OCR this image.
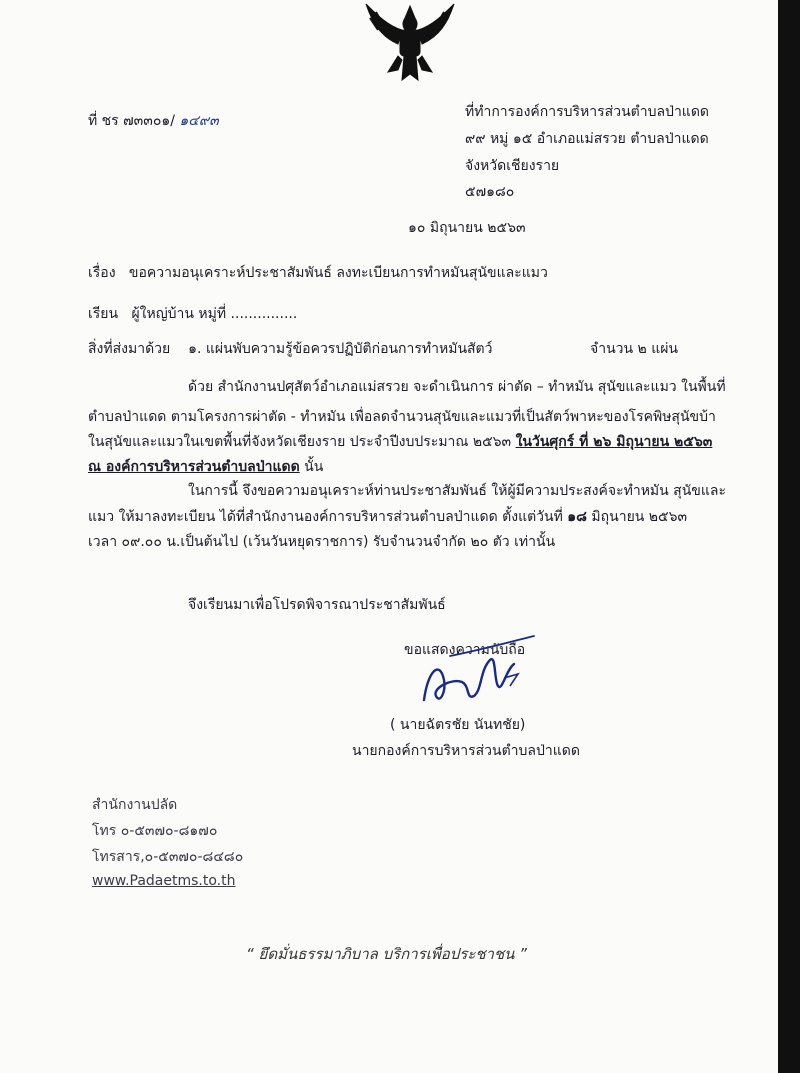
ที่ ชร ๗๓๓๐๑/ ๑๔๙๓
ที่ทำการองค์การบริหารส่วนตำบลป่าแดด
๙๙ หมู่ ๑๕ อำเภอแม่สรวย ตำบลป่าแดด
จังหวัดเชียงราย
๕๗๑๘๐
๑๐ มิถุนายน ๒๕๖๓
เรื่อง ขอความอนุเคราะห์ประชาสัมพันธ์ ลงทะเบียนการทำหมันสุนัขและแมว
เรียน ผู้ใหญ่บ้าน หมู่ที่ ...............
สิ่งที่ส่งมาด้วย ๑. แผ่นพับความรู้ข้อควรปฏิบัติก่อนการทำหมันสัตว์	จำนวน ๒ แผ่น
ด้วย สำนักงานปศุสัตว์อำเภอแม่สรวย จะดำเนินการ ผ่าตัด – ทำหมัน สุนัขและแมว ในพื้นที่
ตำบลป่าแดด ตามโครงการผ่าตัด - ทำหมัน เพื่อลดจำนวนสุนัขและแมวที่เป็นสัตว์พาหะของโรคพิษสุนัขบ้า
ในสุนัขและแมวในเขตพื้นที่จังหวัดเชียงราย ประจำปีงบประมาณ ๒๕๖๓ ในวันศุกร์ ที่ ๒๖ มิถุนายน ๒๕๖๓
ณ องค์การบริหารส่วนตำบลป่าแดด นั้น
ในการนี้ จึงขอความอนุเคราะห์ท่านประชาสัมพันธ์ ให้ผู้มีความประสงค์จะทำหมัน สุนัขและ
แมว ให้มาลงทะเบียน ได้ที่สำนักงานองค์การบริหารส่วนตำบลป่าแดด ตั้งแต่วันที่ ๑๘ มิถุนายน ๒๕๖๓
เวลา ๐๙.๐๐ น.เป็นต้นไป (เว้นวันหยุดราชการ) รับจำนวนจำกัด ๒๐ ตัว เท่านั้น
จึงเรียนมาเพื่อโปรดพิจารณาประชาสัมพันธ์
ขอแสดงความนับถือ
( นายฉัตรชัย นันทชัย)
นายกองค์การบริหารส่วนตำบลป่าแดด
สำนักงานปลัด
โทร ๐-๕๓๗๐-๘๑๗๐
โทรสาร,๐-๕๓๗๐-๘๔๘๐
www.Padaetms.to.th
“ ยึดมั่นธรรมาภิบาล บริการเพื่อประชาชน ”
